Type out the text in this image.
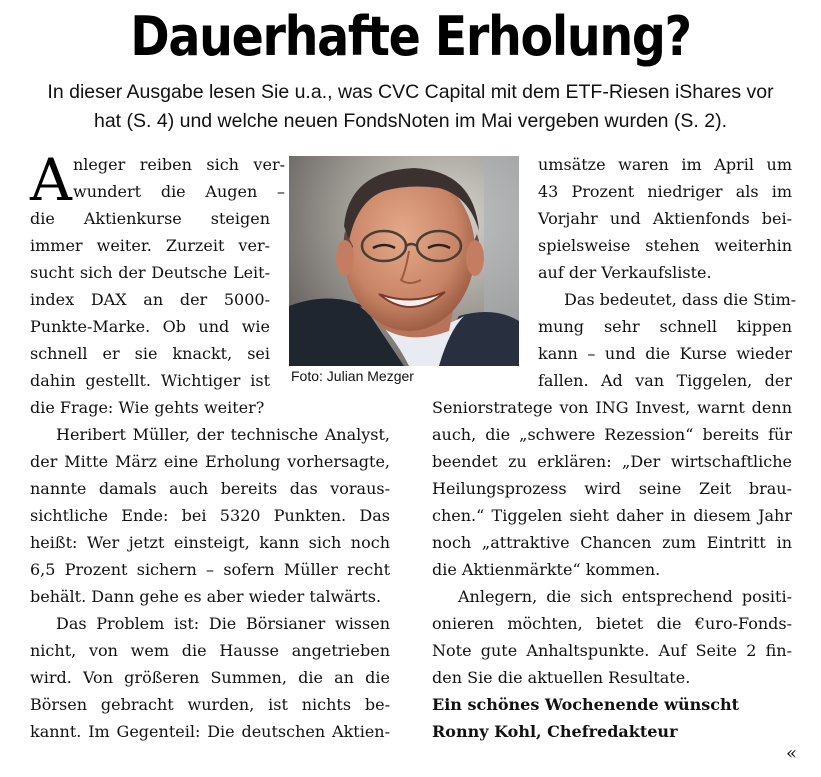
Dauerhafte Erholung?
In dieser Ausgabe lesen Sie u.a., was CVC Capital mit dem ETF-Riesen iShares vor
hat (S. 4) und welche neuen FondsNoten im Mai vergeben wurden (S. 2).
A nleger reiben sich ver-
wundert die Augen –
die Aktienkurse steigen
immer weiter. Zurzeit ver-
sucht sich der Deutsche Leit-
index DAX an der 5000-
Punkte-Marke. Ob und wie
schnell er sie knackt, sei
dahin gestellt. Wichtiger ist
die Frage: Wie gehts weiter?
Heribert Müller, der technische Analyst,
der Mitte März eine Erholung vorhersagte,
nannte damals auch bereits das voraus-
sichtliche Ende: bei 5320 Punkten. Das
heißt: Wer jetzt einsteigt, kann sich noch
6,5 Prozent sichern – sofern Müller recht
behält. Dann gehe es aber wieder talwärts.
Das Problem ist: Die Börsianer wissen
nicht, von wem die Hausse angetrieben
wird. Von größeren Summen, die an die
Börsen gebracht wurden, ist nichts be-
kannt. Im Gegenteil: Die deutschen Aktien-
Foto: Julian Mezger
umsätze waren im April um
43 Prozent niedriger als im
Vorjahr und Aktienfonds bei-
spielsweise stehen weiterhin
auf der Verkaufsliste.
Das bedeutet, dass die Stim-
mung sehr schnell kippen
kann – und die Kurse wieder
fallen. Ad van Tiggelen, der
Seniorstratege von ING Invest, warnt denn
auch, die „schwere Rezession“ bereits für
beendet zu erklären: „Der wirtschaftliche
Heilungsprozess wird seine Zeit brau-
chen.“ Tiggelen sieht daher in diesem Jahr
noch „attraktive Chancen zum Eintritt in
die Aktienmärkte“ kommen.
Anlegern, die sich entsprechend positi-
onieren möchten, bietet die €uro-Fonds-
Note gute Anhaltspunkte. Auf Seite 2 fin-
den Sie die aktuellen Resultate.
Ein schönes Wochenende wünscht
Ronny Kohl, Chefredakteur
«
